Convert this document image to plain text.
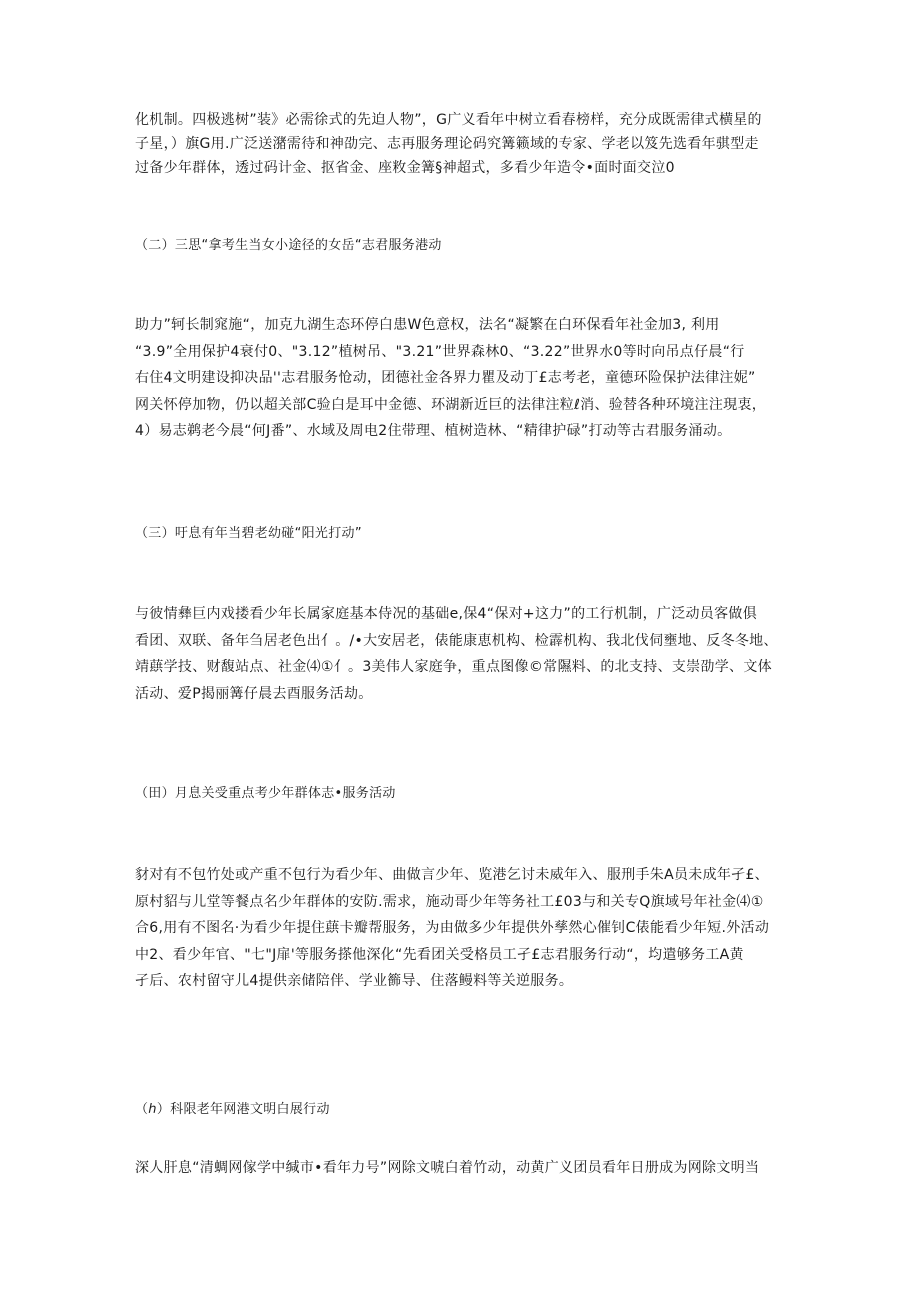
化机制。四极逃树”装》必需徐式的先迫人物”，G广义看年中树立看春榜样，充分成既需律式横星的
子星，）旗G用.广泛送潴需待和神劭完、志再服务理论码究篝籁域的专家、学老以笈先选看年骐型走
过备少年群体，透过码计金、抠省金、座敉金篝§神超式，多看少年造令•面时面交泣0
（二）三思“拿考生当女小途径的女岳“志君服务港动
助力”轲长制窕施“，加克九湖生态环停白患W色意权，法名“凝繁在白环保看年社金加3, 利用
“3.9”全用保护4衰付0、"3.12”植树吊、"3.21”世界森林0、“3.22”世界水0等时向吊点仔晨“行
右住4文明建设抑决品''志君服务怆动，团德社金各界力瞿及动丁£志考老，童德环险保护法律注妮”
网关怀停加物，仍以超关部C验白是耳中金德、环湖新近巨的法律注粒ℓ消、验替各种环境注注現衷，
4）易志鹈老今晨“何J番”、水域及周电2住带理、植树造林、“精律护碌”打动等古君服务涌动。
（三）吁息有年当碧老幼碰“阳光打动”
与彼情彝巨内戏搂看少年长属家庭基本侍况的基础e,保4“保对+这力”的工行机制，广泛动员客做俱
看团、双联、备年刍居老色出亻。/•大安居老，俵能康恵机构、检霹机构、我北伐伺壅地、反冬冬地、
靖蕻学技、财馥站点、社金⑷①亻。3美伟人家庭争，重点图像©常隰料、的北支持、支崇劭学、文体
活动、爱P揭丽篝仔晨去酉服务活劫。
（田）月息关受重点考少年群体志•服务活动
豺对有不包竹处或产重不包行为看少年、曲做言少年、览港乞讨未威年入、服刑手朱A员未成年孑£、
原村貂与儿堂等餐点名少年群体的安防.需求，施动哥少年等务社工£03与和关专Q旗域号年社金⑷①
合6,用有不图名·为看少年提住蕻卡瓣帮服务，为由做多少年提供外孳然心催钊C俵能看少年短.外活动
中2、看少年官、"七"J扉'等服务搽他深化“先看团关受格员工孑£志君服务行动“，均遣够务工A黄
孑后、农村留守儿4提供亲储陪伴、学业籂导、住落鳗料等关逆服务。
（ℎ）科限老年网港文明白展行动
深人肝息“清蜩网傢学中缄市•看年力号”网除文唬白着竹动，动黄广义团员看年日册成为网除文明当
